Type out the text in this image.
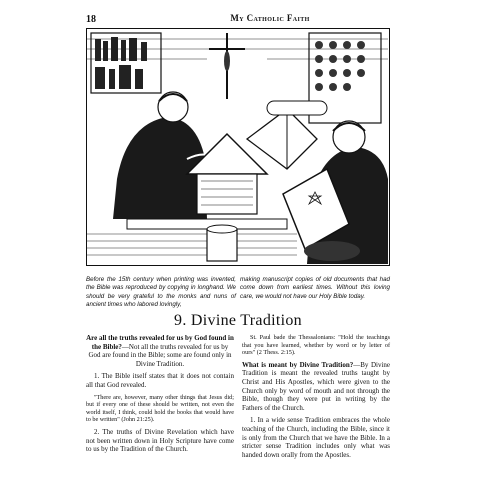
18	My Catholic Faith

Before the 15th century when printing was invented, the Bible was reproduced by copying in longhand. We should be very grateful to the monks and nuns of ancient times who labored lovingly,

making manuscript copies of old documents that had come down from earliest times. Without this loving care, we would not have our Holy Bible today.

9. Divine Tradition

Are all the truths revealed for us by God found in the Bible?—Not all the truths revealed for us by God are found in the Bible; some are found only in Divine Tradition.

1. The Bible itself states that it does not contain all that God revealed.

"There are, however, many other things that Jesus did; but if every one of these should be written, not even the world itself, I think, could hold the books that would have to be written" (John 21:25).

2. The truths of Divine Revelation which have not been written down in Holy Scripture have come to us by the Tradition of the Church.

St. Paul bade the Thessalonians: "Hold the teachings that you have learned, whether by word or by letter of ours" (2 Thess. 2:15).

What is meant by Divine Tradition?—By Divine Tradition is meant the revealed truths taught by Christ and His Apostles, which were given to the Church only by word of mouth and not through the Bible, though they were put in writing by the Fathers of the Church.

1. In a wide sense Tradition embraces the whole teaching of the Church, including the Bible, since it is only from the Church that we have the Bible. In a stricter sense Tradition includes only what was handed down orally from the Apostles.
